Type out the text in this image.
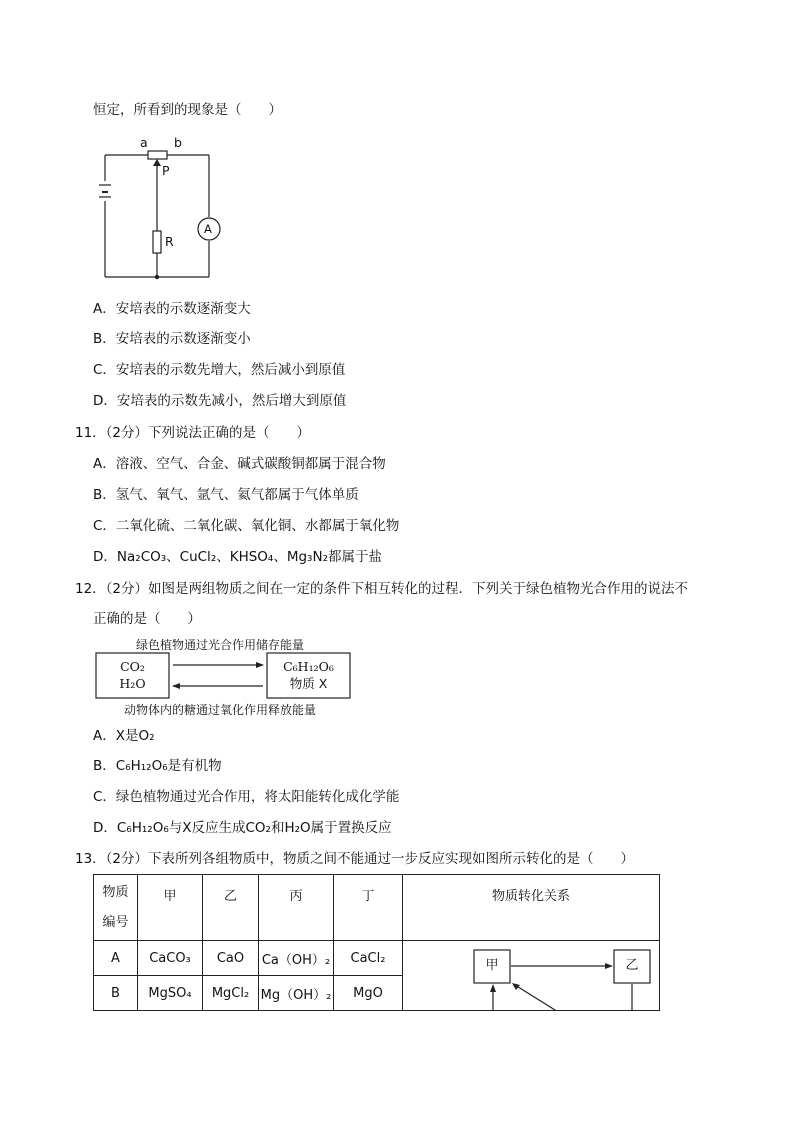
恒定，所看到的现象是（　　）
a b
P
R
A
A．安培表的示数逐渐变大
B．安培表的示数逐渐变小
C．安培表的示数先增大，然后减小到原值
D．安培表的示数先减小，然后增大到原值
11．（2分）下列说法正确的是（　　）
A．溶液、空气、合金、碱式碳酸铜都属于混合物
B．氢气、氧气、氩气、氦气都属于气体单质
C．二氧化硫、二氧化碳、氧化铜、水都属于氧化物
D．Na₂CO₃、CuCl₂、KHSO₄、Mg₃N₂都属于盐
12．（2分）如图是两组物质之间在一定的条件下相互转化的过程．下列关于绿色植物光合作用的说法不
正确的是（　　）
绿色植物通过光合作用储存能量
动物体内的糖通过氧化作用释放能量
CO₂
H₂O
C₆H₁₂O₆
物质 X
A．X是O₂
B．C₆H₁₂O₆是有机物
C．绿色植物通过光合作用，将太阳能转化成化学能
D．C₆H₁₂O₆与X反应生成CO₂和H₂O属于置换反应
13．（2分）下表所列各组物质中，物质之间不能通过一步反应实现如图所示转化的是（　　）
物质
编号	甲	乙	丙	丁	物质转化关系
A	CaCO₃	CaO	Ca（OH）₂	CaCl₂	甲 乙

B	MgSO₄	MgCl₂	Mg（OH）₂	MgO	
